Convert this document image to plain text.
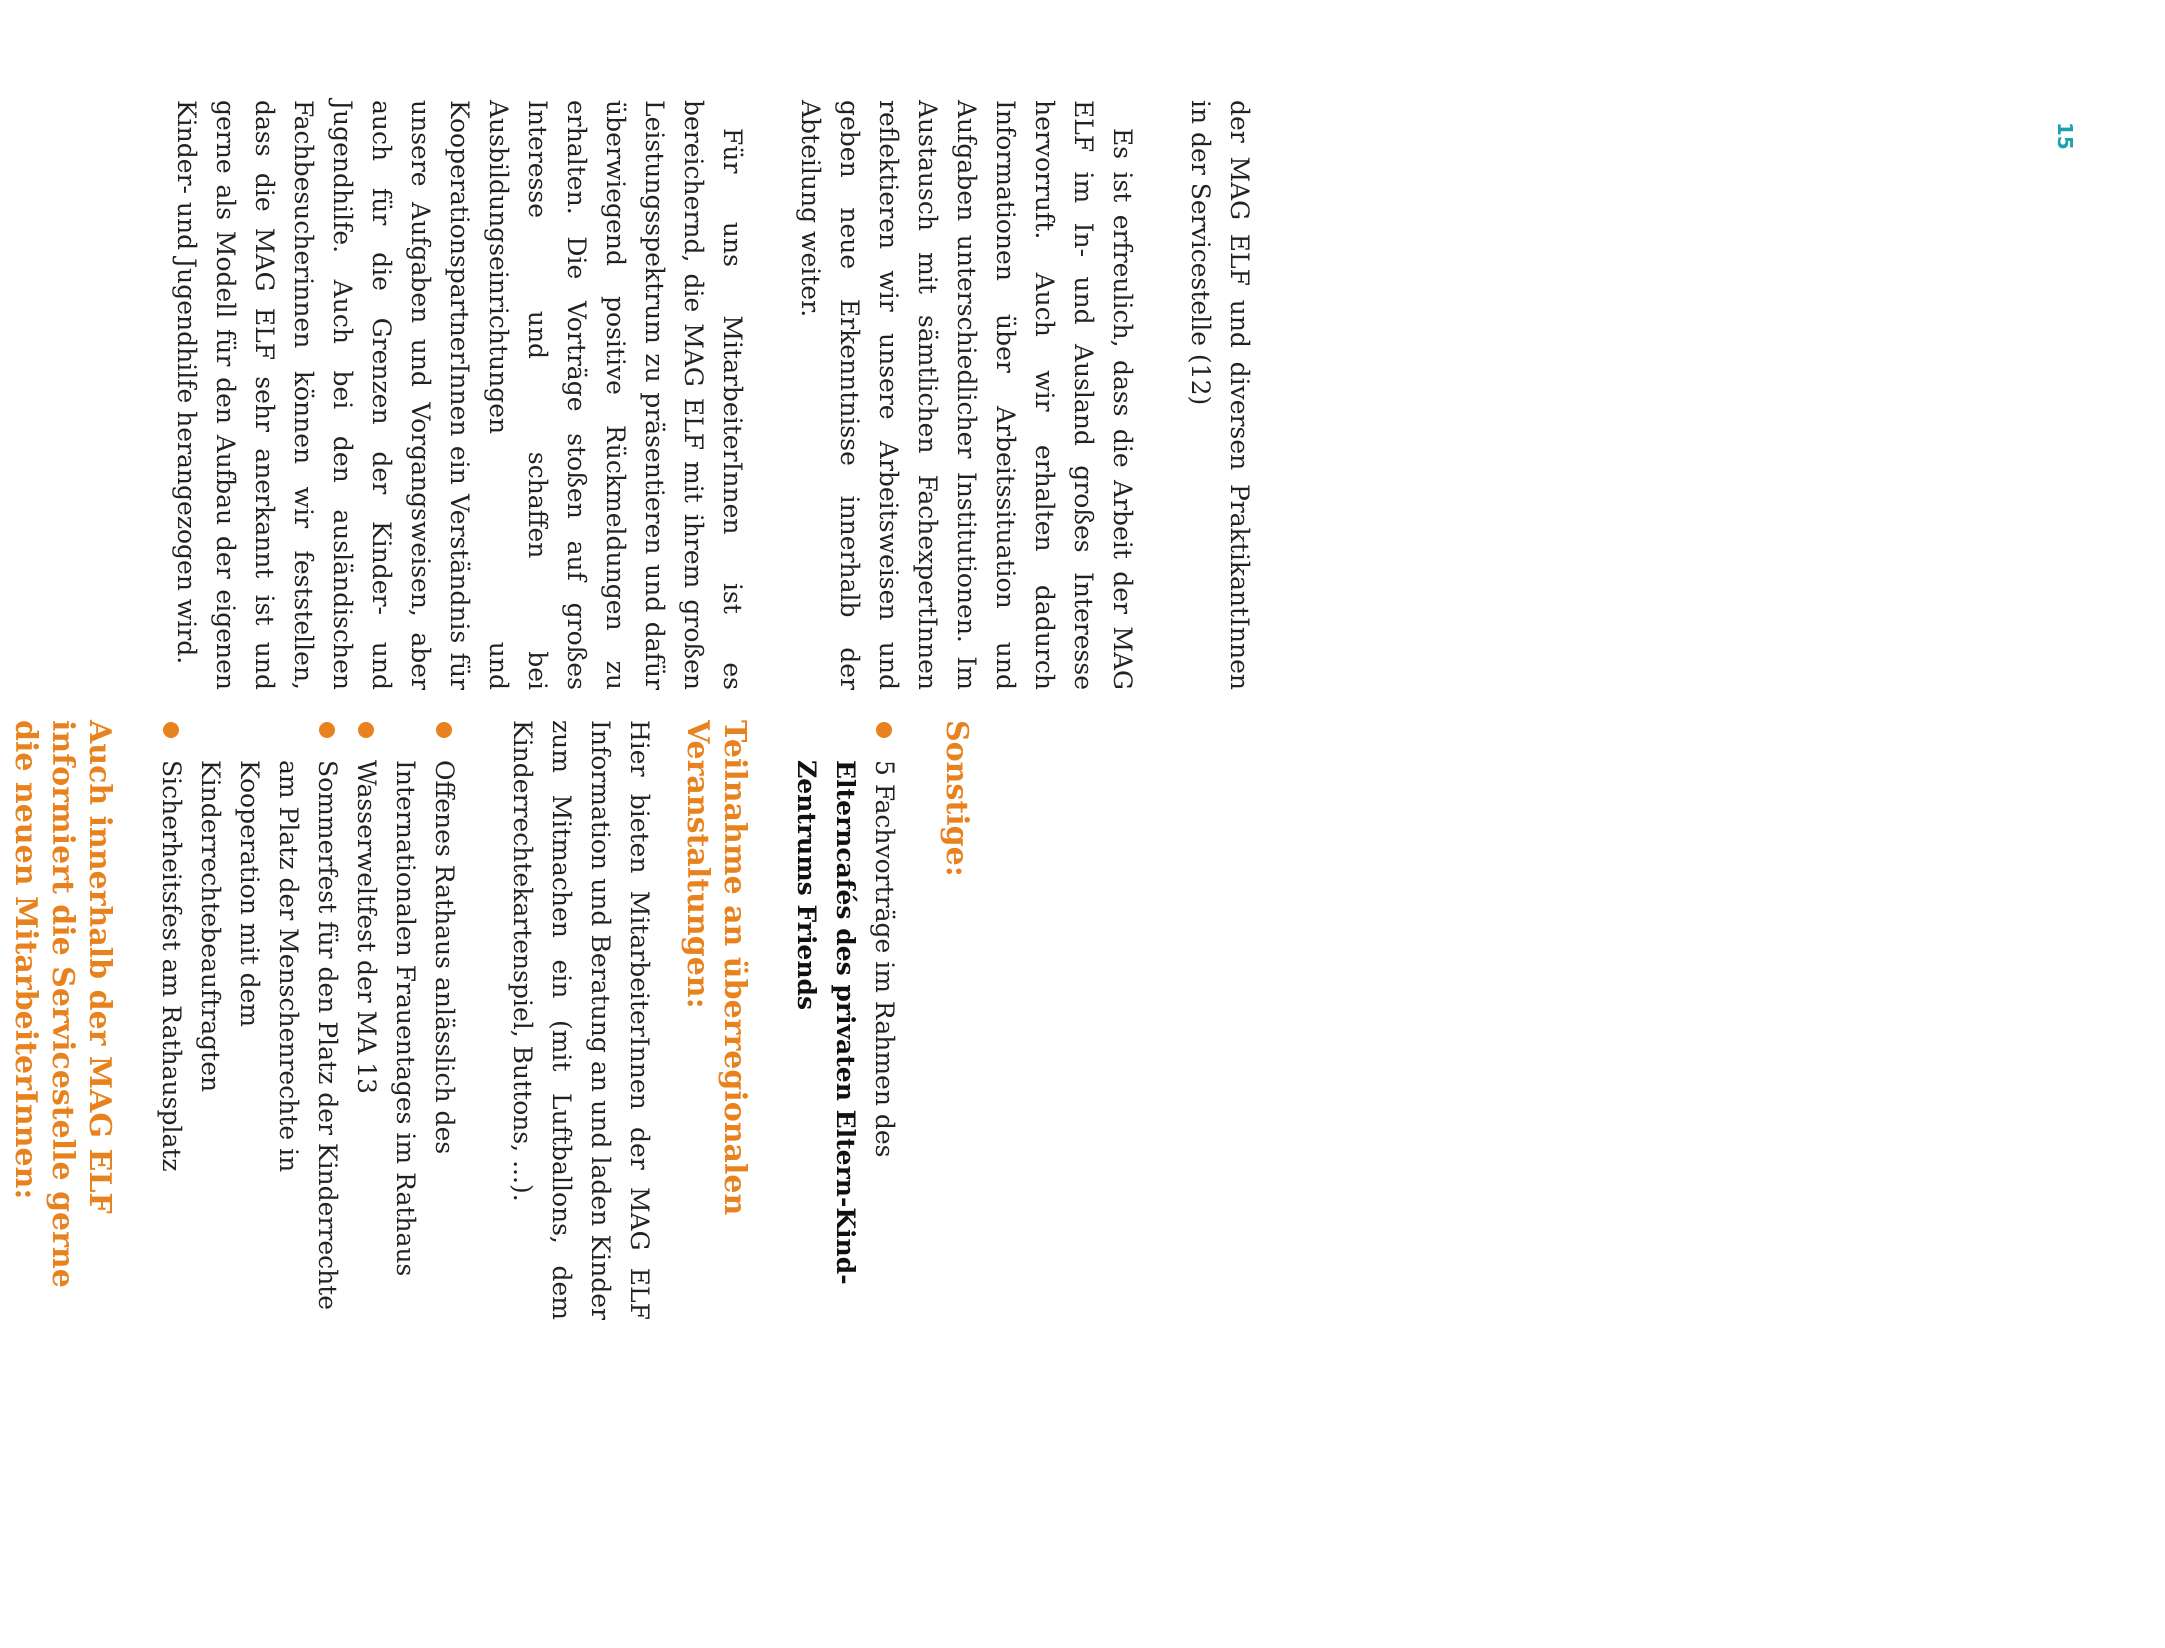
15
Sonstige:
5 Fachvorträge im Rahmen des Elterncafés des privaten Eltern-Kind-Zentrums Friends
Teilnahme an überregionalen Veranstaltungen:

Hier bieten MitarbeiterInnen der MAG ELF Information und Beratung an und laden Kinder zum Mitmachen ein (mit Luftballons, dem Kinderrechtekartenspiel, Buttons, ...).

Offenes Rathaus anlässlich des Internationalen Frauentages im Rathaus
Wasserweltfest der MA 13
Sommerfest für den Platz der Kinderrechte am Platz der Menschenrechte in Kooperation mit dem Kinderrechtebeauftragten
Sicherheitsfest am Rathausplatz
Auch innerhalb der MAG ELF informiert die Servicestelle gerne die neuen MitarbeiterInnen:

der MAG ELF und diversen PraktikantInnen in der Servicestelle (12)

Es ist erfreulich, dass die Arbeit der MAG ELF im In- und Ausland großes Interesse hervorruft. Auch wir erhalten dadurch Informationen über Arbeitssituation und Aufgaben unterschiedlicher Institutionen. Im Austausch mit sämtlichen FachexpertInnen reflektieren wir unsere Arbeitsweisen und geben neue Erkenntnisse innerhalb der Abteilung weiter.

Für uns MitarbeiterInnen ist es bereichernd, die MAG ELF mit ihrem großen Leistungsspektrum zu präsentieren und dafür überwiegend positive Rückmeldungen zu erhalten. Die Vorträge stoßen auf großes Interesse und schaffen bei Ausbildungseinrichtungen und KooperationspartnerInnen ein Verständnis für unsere Aufgaben und Vorgangsweisen, aber auch für die Grenzen der Kinder- und Jugendhilfe. Auch bei den ausländischen Fachbesucherinnen können wir feststellen, dass die MAG ELF sehr anerkannt ist und gerne als Modell für den Aufbau der eigenen Kinder- und Jugendhilfe herangezogen wird.
